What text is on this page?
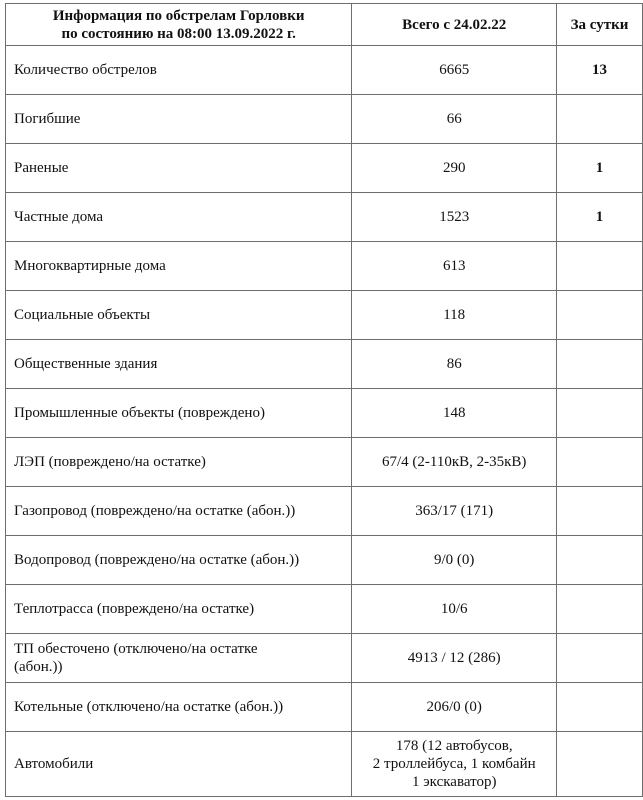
Информация по обстрелам Горловки
по состоянию на 08:00 13.09.2022 г.	Всего с 24.02.22	За сутки
Количество обстрелов	6665	13
Погибшие	66	
Раненые	290	1
Частные дома	1523	1
Многоквартирные дома	613	
Социальные объекты	118	
Общественные здания	86	
Промышленные объекты (повреждено)	148	
ЛЭП (повреждено/на остатке)	67/4 (2-110кВ, 2-35кВ)	
Газопровод (повреждено/на остатке (абон.))	363/17 (171)	
Водопровод (повреждено/на остатке (абон.))	9/0 (0)	
Теплотрасса (повреждено/на остатке)	10/6	
ТП обесточено (отключено/на остатке
(абон.))	4913 / 12 (286)	
Котельные (отключено/на остатке (абон.))	206/0 (0)	
Автомобили	178 (12 автобусов,
2 троллейбуса, 1 комбайн
1 экскаватор)	
